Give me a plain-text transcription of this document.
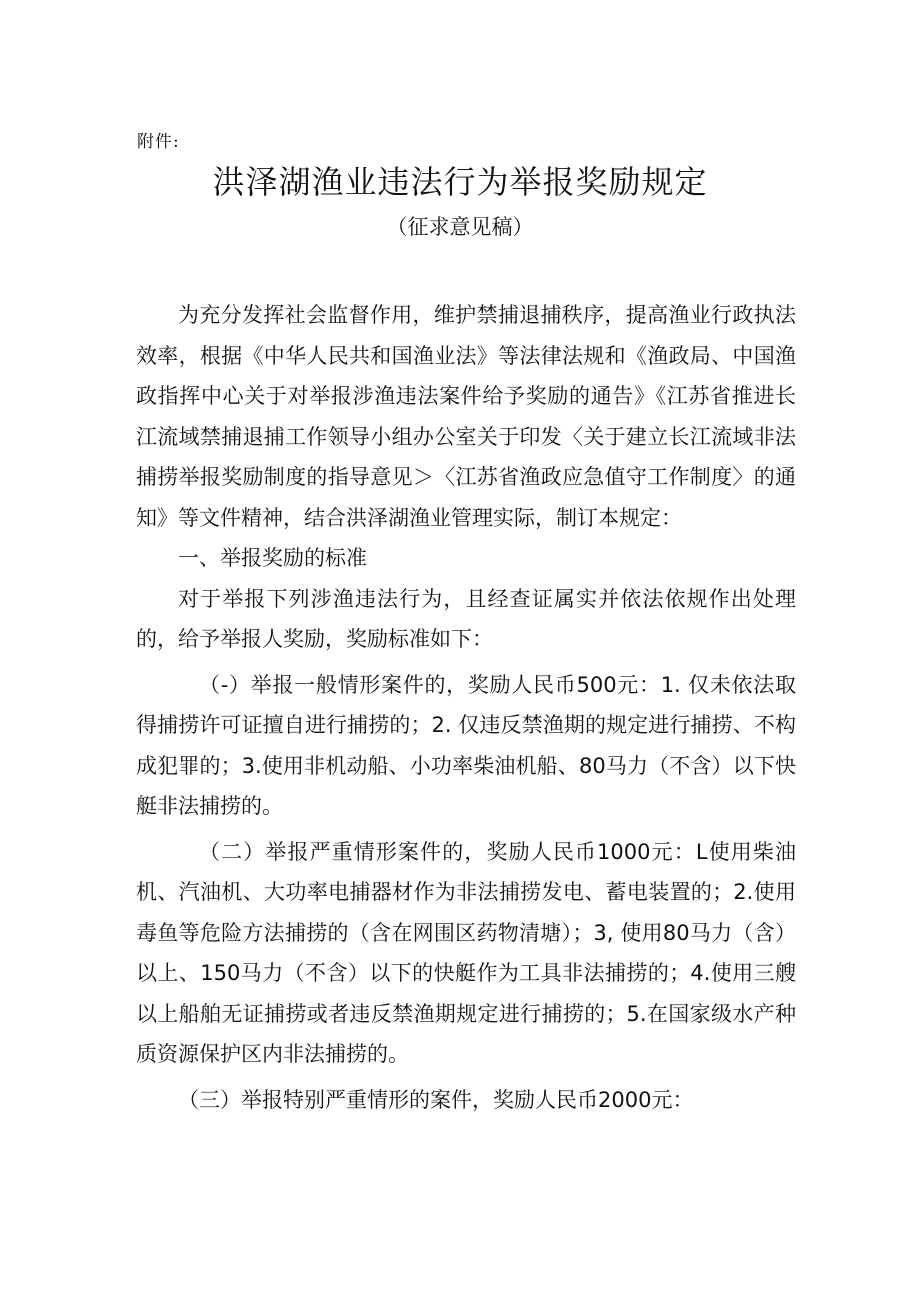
附件:
洪泽湖渔业违法行为举报奖励规定
（征求意见稿）

为充分发挥社会监督作用，维护禁捕退捕秩序，提高渔业行政执法效率，根据《中华人民共和国渔业法》等法律法规和《渔政局、中国渔政指挥中心关于对举报涉渔违法案件给予奖励的通告》《江苏省推进长江流域禁捕退捕工作领导小组办公室关于印发〈关于建立长江流域非法捕捞举报奖励制度的指导意见＞〈江苏省渔政应急值守工作制度〉的通知》等文件精神，结合洪泽湖渔业管理实际，制订本规定：

一、举报奖励的标准

对于举报下列涉渔违法行为，且经查证属实并依法依规作出处理的，给予举报人奖励，奖励标准如下：

（-）举报一般情形案件的，奖励人民币500元：1. 仅未依法取得捕捞许可证擅自进行捕捞的；2. 仅违反禁渔期的规定进行捕捞、不构成犯罪的；3.使用非机动船、小功率柴油机船、80马力（不含）以下快艇非法捕捞的。

（二）举报严重情形案件的，奖励人民币1000元：L使用柴油机、汽油机、大功率电捕器材作为非法捕捞发电、蓄电装置的；2.使用毒鱼等危险方法捕捞的（含在网围区药物清塘）；3, 使用80马力（含）以上、150马力（不含）以下的快艇作为工具非法捕捞的；4.使用三艘以上船舶无证捕捞或者违反禁渔期规定进行捕捞的；5.在国家级水产种质资源保护区内非法捕捞的。

（三）举报特别严重情形的案件，奖励人民币2000元：
